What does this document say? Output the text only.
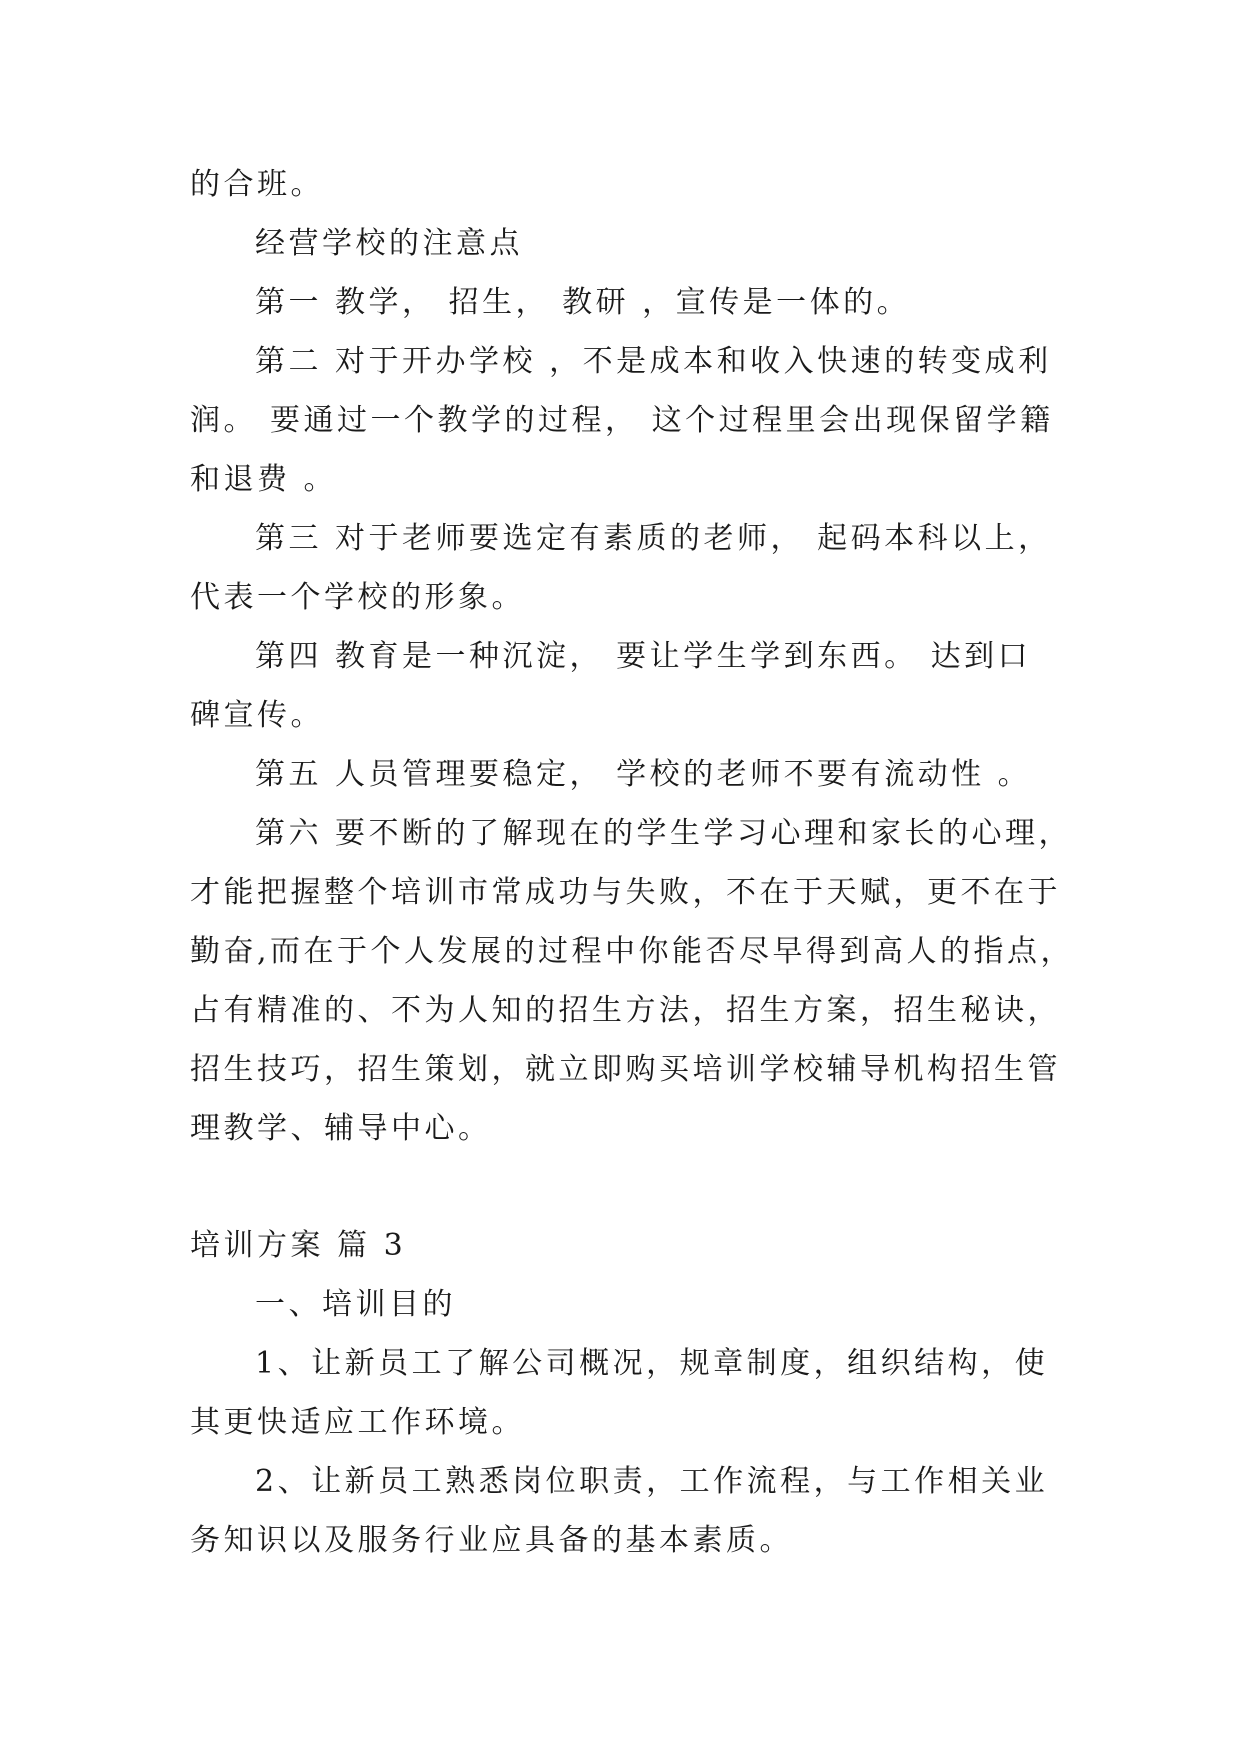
的合班。

经营学校的注意点

第一 教学， 招生， 教研 ，宣传是一体的。

第二 对于开办学校 ，不是成本和收入快速的转变成利

润。 要通过一个教学的过程， 这个过程里会出现保留学籍

和退费 。

第三 对于老师要选定有素质的老师， 起码本科以上，

代表一个学校的形象。

第四 教育是一种沉淀， 要让学生学到东西。 达到口

碑宣传。

第五 人员管理要稳定， 学校的老师不要有流动性 。

第六 要不断的了解现在的学生学习心理和家长的心理，

才能把握整个培训市常成功与失败，不在于天赋，更不在于

勤奋,而在于个人发展的过程中你能否尽早得到高人的指点，

占有精准的、不为人知的招生方法，招生方案，招生秘诀，

招生技巧，招生策划，就立即购买培训学校辅导机构招生管

理教学、辅导中心。

培训方案 篇 3

一、培训目的

1、让新员工了解公司概况，规章制度，组织结构，使

其更快适应工作环境。

2、让新员工熟悉岗位职责，工作流程，与工作相关业

务知识以及服务行业应具备的基本素质。
